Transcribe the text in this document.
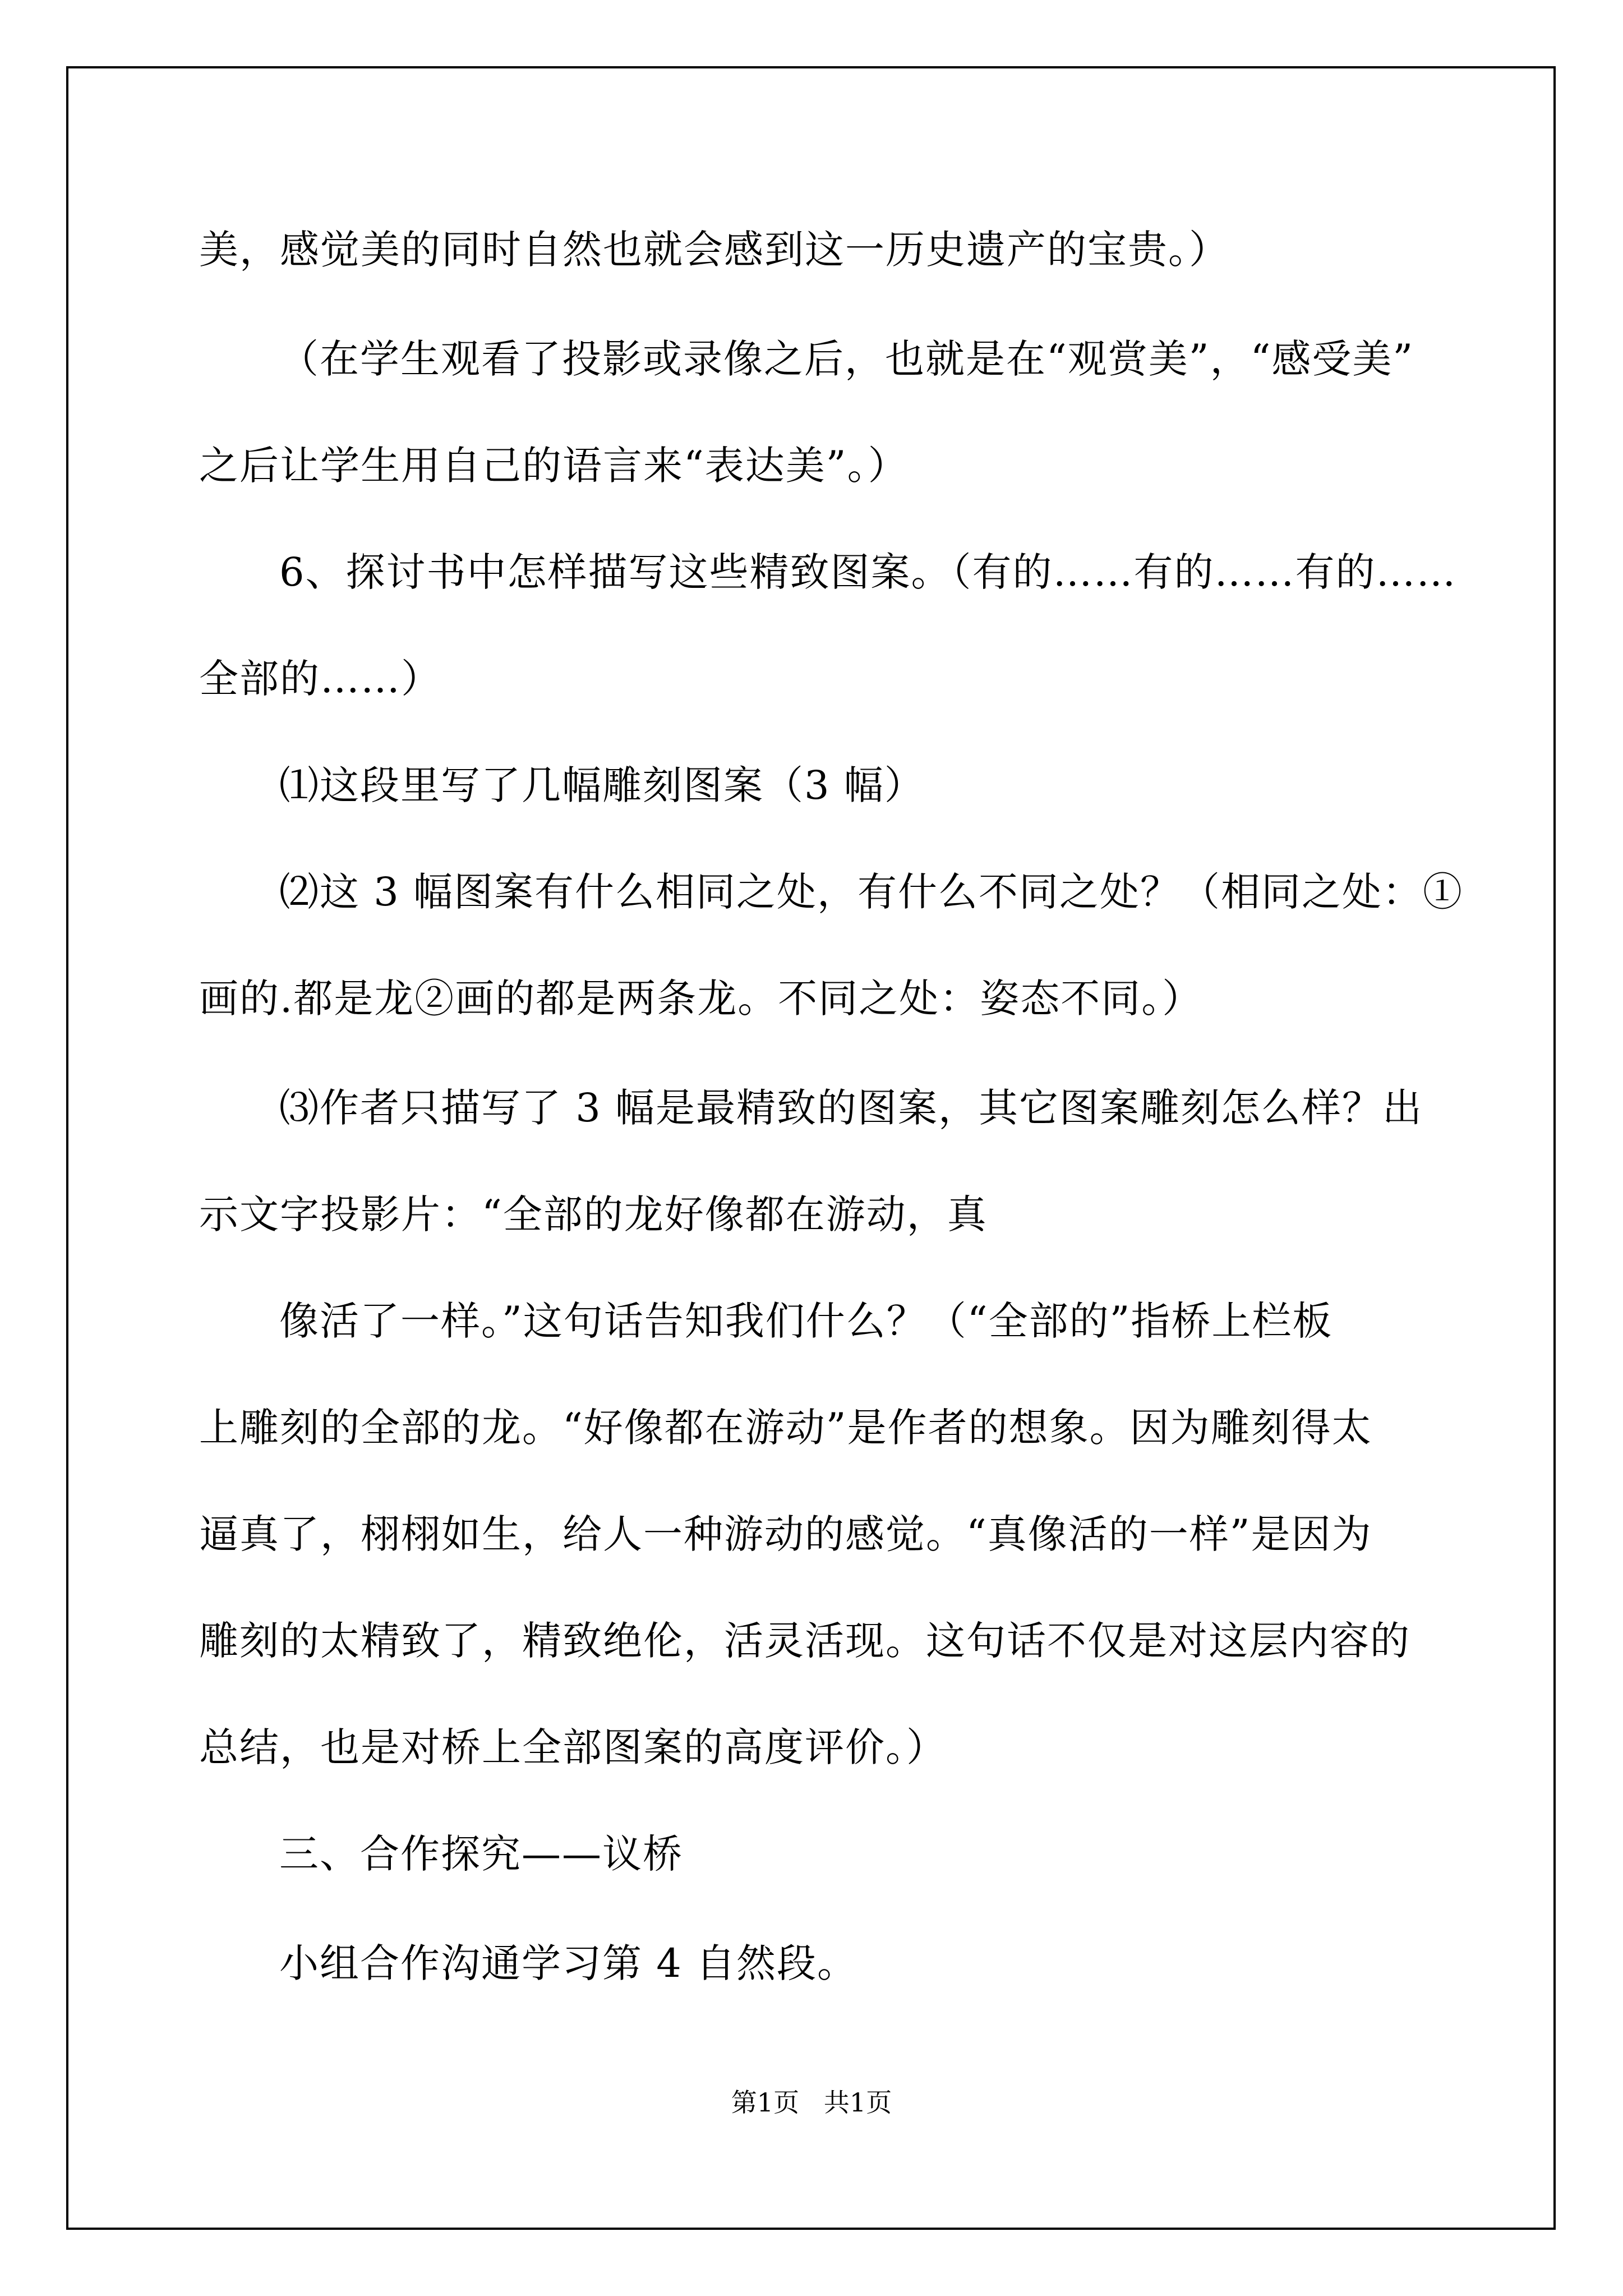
美，感觉美的同时自然也就会感到这一历史遗产的宝贵。）
（在学生观看了投影或录像之后，也就是在“观赏美”，“感受美”
之后让学生用自己的语言来“表达美”。）
6、探讨书中怎样描写这些精致图案。（有的……有的……有的……
全部的……）
⑴这段里写了几幅雕刻图案（3 幅）
⑵这 3 幅图案有什么相同之处，有什么不同之处？（相同之处：①
画的.都是龙②画的都是两条龙。不同之处：姿态不同。）
⑶作者只描写了 3 幅是最精致的图案，其它图案雕刻怎么样？出
示文字投影片：“全部的龙好像都在游动，真
像活了一样。”这句话告知我们什么？（“全部的”指桥上栏板
上雕刻的全部的龙。“好像都在游动”是作者的想象。因为雕刻得太
逼真了，栩栩如生，给人一种游动的感觉。“真像活的一样”是因为
雕刻的太精致了，精致绝伦，活灵活现。这句话不仅是对这层内容的
总结，也是对桥上全部图案的高度评价。）
三、合作探究——议桥
小组合作沟通学习第 4 自然段。
第1页   共1页
